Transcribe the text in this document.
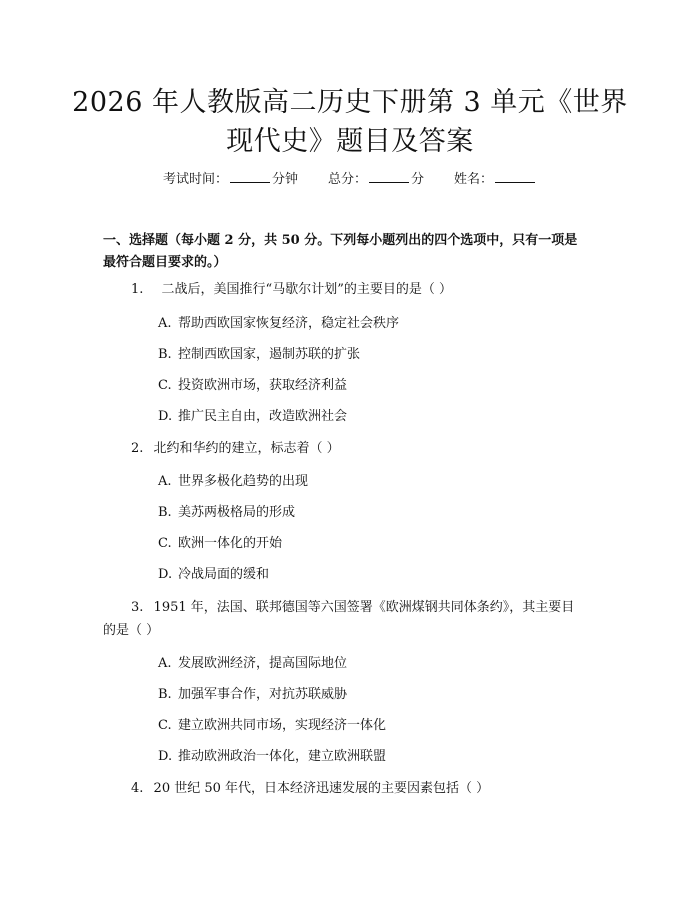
2026 年人教版高二历史下册第 3 单元《世界
现代史》题目及答案
考试时间：	分钟 总分：	分 姓名：
一、选择题（每小题 2 分，共 50 分。下列每小题列出的四个选项中，只有一项是
最符合题目要求的。）
1. 二战后，美国推行“马歇尔计划”的主要目的是（ ）
A. 帮助西欧国家恢复经济，稳定社会秩序
B. 控制西欧国家，遏制苏联的扩张
C. 投资欧洲市场，获取经济利益
D. 推广民主自由，改造欧洲社会
2. 北约和华约的建立，标志着（ ）
A. 世界多极化趋势的出现
B. 美苏两极格局的形成
C. 欧洲一体化的开始
D. 冷战局面的缓和
3. 1951 年，法国、联邦德国等六国签署《欧洲煤钢共同体条约》，其主要目
的是（ ）
A. 发展欧洲经济，提高国际地位
B. 加强军事合作，对抗苏联威胁
C. 建立欧洲共同市场，实现经济一体化
D. 推动欧洲政治一体化，建立欧洲联盟
4. 20 世纪 50 年代，日本经济迅速发展的主要因素包括（ ）
